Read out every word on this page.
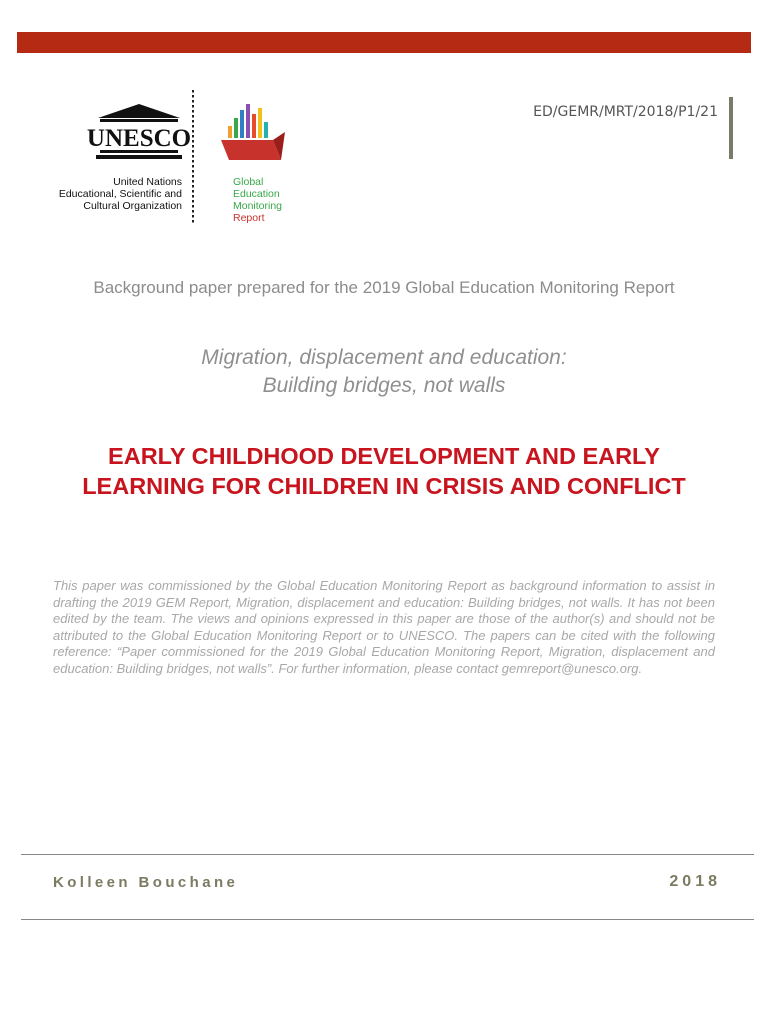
UNESCO
United Nations
Educational, Scientific and
Cultural Organization
Global
Education
Monitoring
Report
ED/GEMR/MRT/2018/P1/21
Background paper prepared for the 2019 Global Education Monitoring Report
Migration, displacement and education:
Building bridges, not walls
EARLY CHILDHOOD DEVELOPMENT AND EARLY
LEARNING FOR CHILDREN IN CRISIS AND CONFLICT
This paper was commissioned by the Global Education Monitoring Report as background information to assist in drafting the 2019 GEM Report, Migration, displacement and education: Building bridges, not walls. It has not been edited by the team. The views and opinions expressed in this paper are those of the author(s) and should not be attributed to the Global Education Monitoring Report or to UNESCO. The papers can be cited with the following reference: “Paper commissioned for the 2019 Global Education Monitoring Report, Migration, displacement and education: Building bridges, not walls”. For further information, please contact gemreport@unesco.org.
Kolleen Bouchane	2018
